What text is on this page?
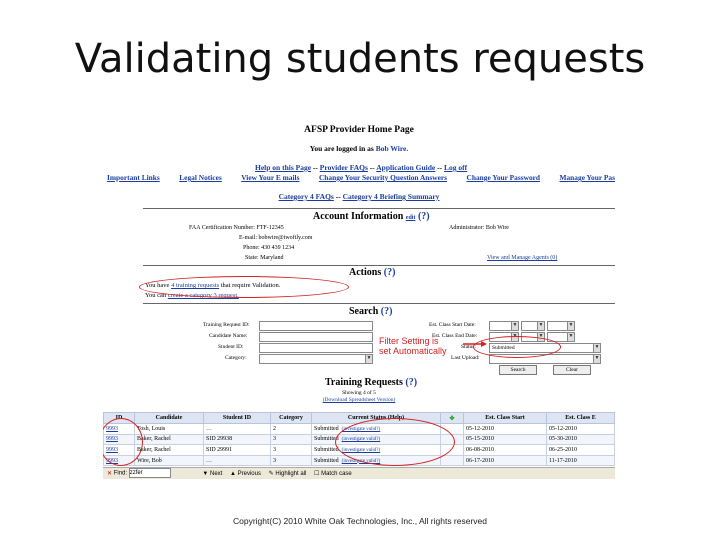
Validating students requests
AFSP Provider Home Page
You are logged in as Bob Wire.
Help on this Page -- Provider FAQs -- Application Guide -- Log off
Important Links	Legal Notices	View Your E mails	Change Your Security Question Answers	Change Your Password	Manage Your Pas
Category 4 FAQs -- Category 4 Briefing Summary
Account Information edit (?)
FAA Certification Number: FTF-12345	Administrator: Bob Wire
E-mail: bobwire@twoftly.com
Phone: 430 439 1234
State: Maryland	View and Manage Agents (0)
Actions (?)
You have 4 training requests that require Validation.
You can create a category 3 request.
Search (?)
Training Request ID:
Candidate Name:
Student ID:
Category:	▼
Est. Class Start Date:	▼	▼	▼
Est. Class End Date:	▼	▼	▼
Status:	Submitted	▼
Last Upload:	▼
Search	Clear
Filter Setting is
set Automatically
Training Requests (?)
Showing 4 of 5
(Download Spreadsheet Version)
ID	Candidate	Student ID	Category	Current Status (Help)	✤	Est. Class Start	Est. Class E
9993	Tosh, Louis	…	2	Submitted (investigate valid?)		05-12-2010	05-12-2010
9993	Baker, Rachel	SID 29938	3	Submitted (investigate valid?)		05-15-2010	05-30-2010
9993	Baker, Rachel	SID 29991	3	Submitted (investigate valid?)		06-08-2010	06-25-2010
9993	Wire, Bob	…	3	Submitted (investigate valid?)		06-17-2010	11-17-2010
✕ Find: zzfer	▼ Next ▲ Previous ✎ Highlight all ☐ Match case
Copyright(C) 2010 White Oak Technologies, Inc., All rights reserved
